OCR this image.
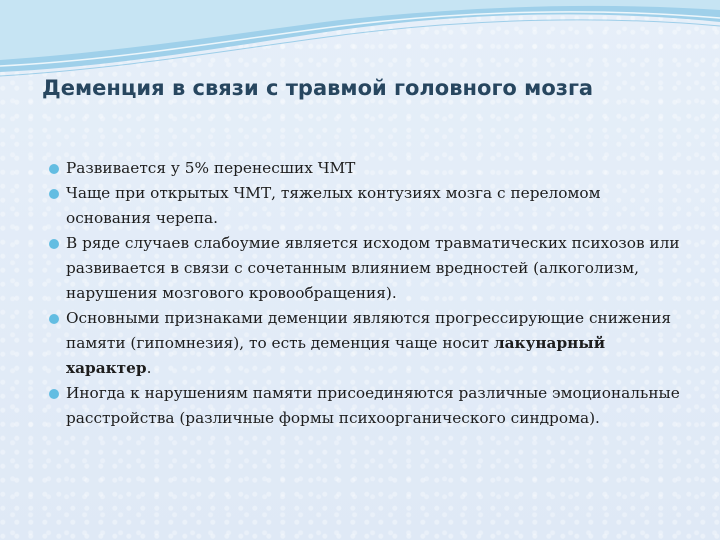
Деменция в связи с травмой головного мозга
Развивается у 5% перенесших ЧМТ
Чаще при открытых ЧМТ, тяжелых контузиях мозга с переломом основания черепа.
В ряде случаев слабоумие является исходом травматических психозов или развивается в связи с сочетанным влиянием вредностей (алкоголизм, нарушения мозгового кровообращения).
Основными признаками деменции являются прогрессирующие снижения памяти (гипомнезия), то есть деменция чаще носит лакунарный характер.
Иногда к нарушениям памяти присоединяются различные эмоциональные расстройства (различные формы психоорганического синдрома).
